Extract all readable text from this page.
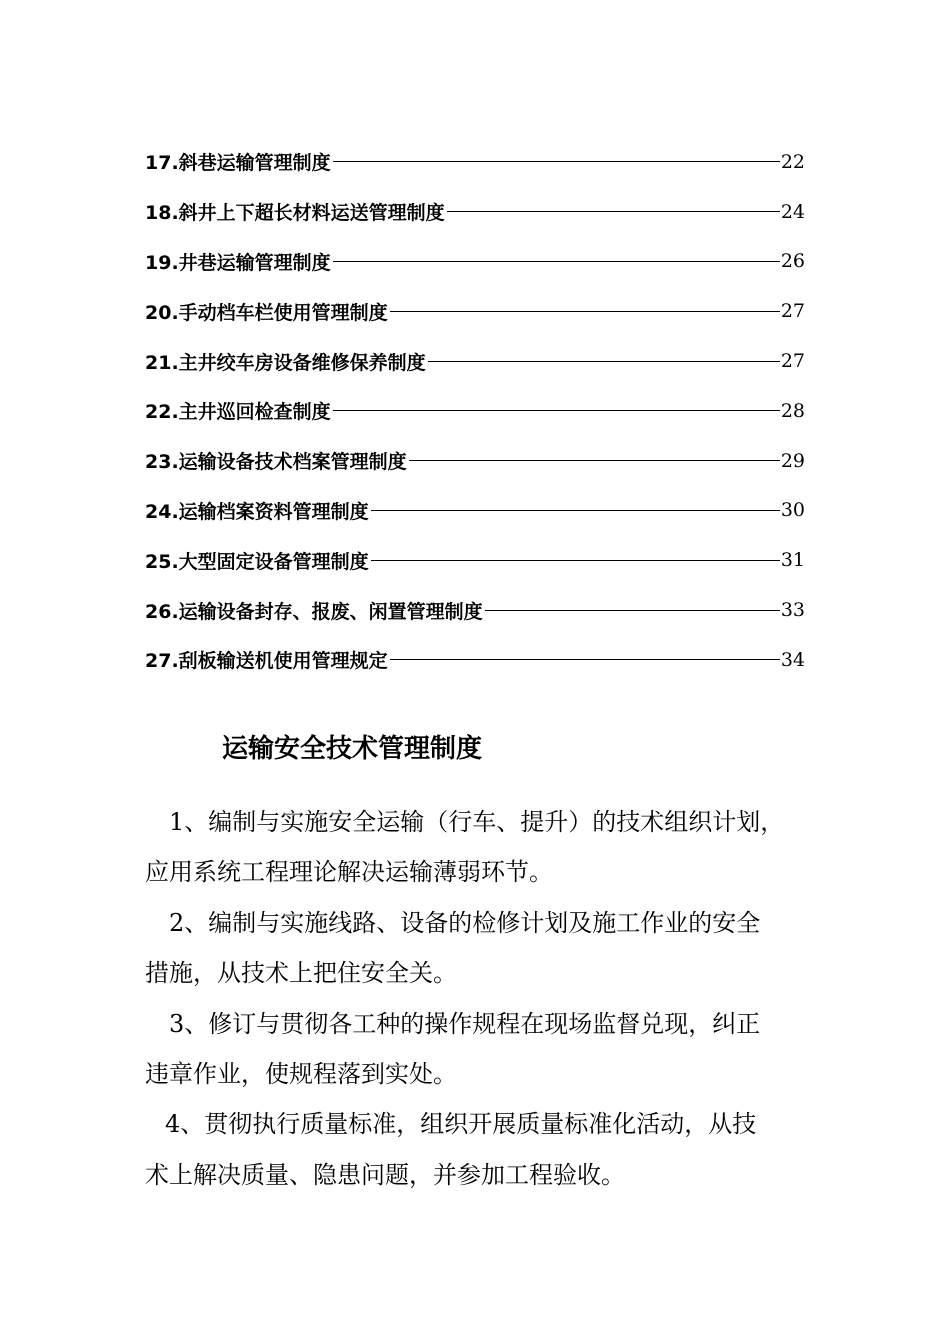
17.斜巷运输管理制度	22
18.斜井上下超长材料运送管理制度	24
19.井巷运输管理制度	26
20.手动档车栏使用管理制度	27
21.主井绞车房设备维修保养制度	27
22.主井巡回检查制度	28
23.运输设备技术档案管理制度	29
24.运输档案资料管理制度	30
25.大型固定设备管理制度	31
26.运输设备封存、报废、闲置管理制度	33
27.刮板输送机使用管理规定	34
运输安全技术管理制度

1、编制与实施安全运输（行车、提升）的技术组织计划，
应用系统工程理论解决运输薄弱环节。

2、编制与实施线路、设备的检修计划及施工作业的安全
措施，从技术上把住安全关。

3、修订与贯彻各工种的操作规程在现场监督兑现，纠正
违章作业，使规程落到实处。

4、贯彻执行质量标准，组织开展质量标准化活动，从技
术上解决质量、隐患问题，并参加工程验收。
